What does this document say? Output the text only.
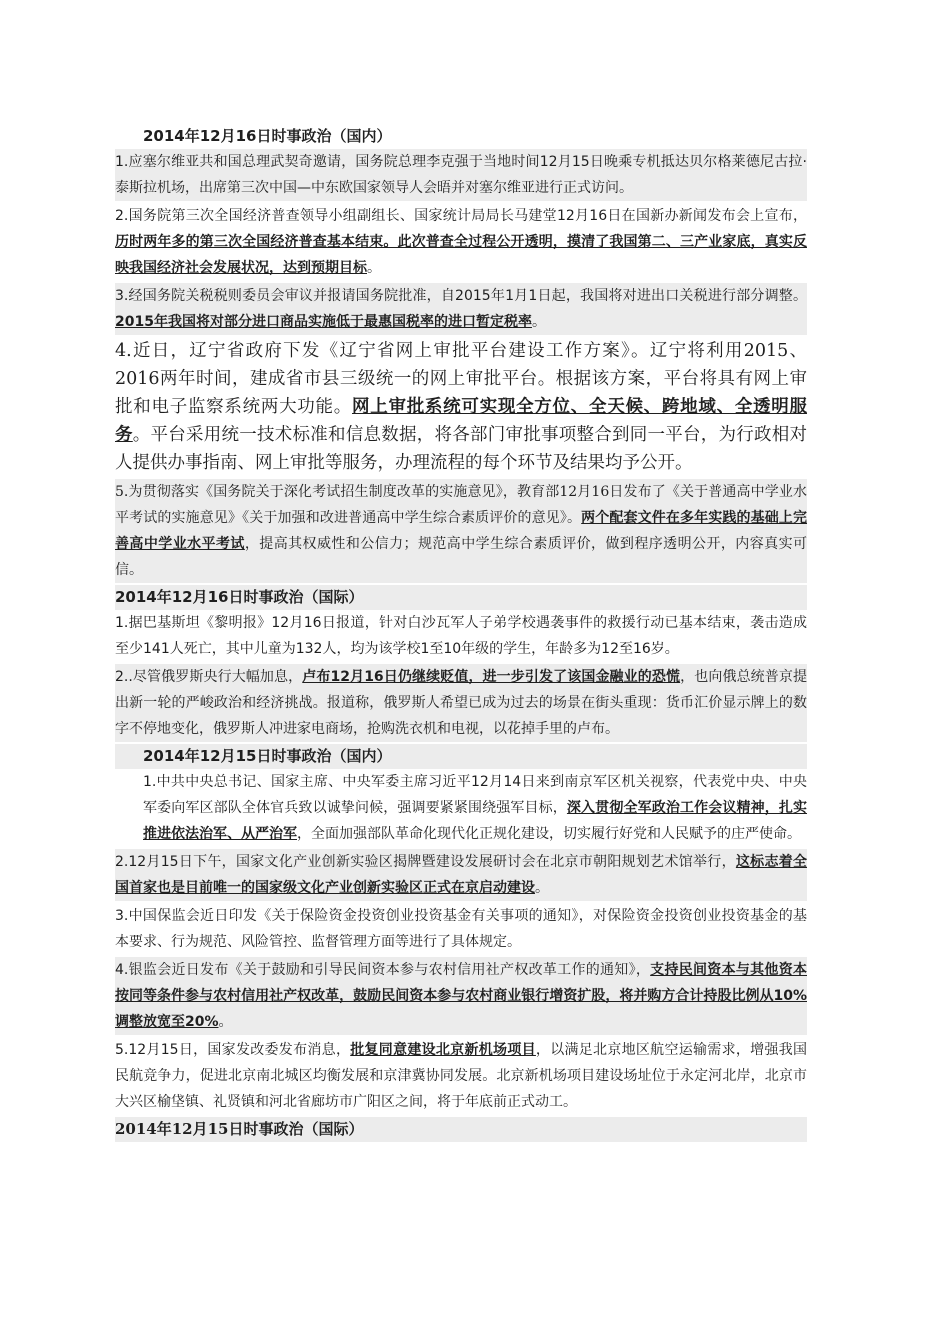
2014年12月16日时事政治（国内）

1.应塞尔维亚共和国总理武契奇邀请，国务院总理李克强于当地时间12月15日晚乘专机抵达贝尔格莱德尼古拉·泰斯拉机场，出席第三次中国—中东欧国家领导人会晤并对塞尔维亚进行正式访问。

2.国务院第三次全国经济普查领导小组副组长、国家统计局局长马建堂12月16日在国新办新闻发布会上宣布，历时两年多的第三次全国经济普查基本结束。此次普查全过程公开透明，摸清了我国第二、三产业家底，真实反映我国经济社会发展状况，达到预期目标。

3.经国务院关税税则委员会审议并报请国务院批准，自2015年1月1日起，我国将对进出口关税进行部分调整。2015年我国将对部分进口商品实施低于最惠国税率的进口暂定税率。

4.近日，辽宁省政府下发《辽宁省网上审批平台建设工作方案》。辽宁将利用2015、2016两年时间，建成省市县三级统一的网上审批平台。根据该方案，平台将具有网上审批和电子监察系统两大功能。网上审批系统可实现全方位、全天候、跨地域、全透明服务。平台采用统一技术标准和信息数据，将各部门审批事项整合到同一平台，为行政相对人提供办事指南、网上审批等服务，办理流程的每个环节及结果均予公开。

5.为贯彻落实《国务院关于深化考试招生制度改革的实施意见》，教育部12月16日发布了《关于普通高中学业水平考试的实施意见》《关于加强和改进普通高中学生综合素质评价的意见》。两个配套文件在多年实践的基础上完善高中学业水平考试，提高其权威性和公信力；规范高中学生综合素质评价，做到程序透明公开，内容真实可信。

2014年12月16日时事政治（国际）

1.据巴基斯坦《黎明报》12月16日报道，针对白沙瓦军人子弟学校遇袭事件的救援行动已基本结束，袭击造成至少141人死亡，其中儿童为132人，均为该学校1至10年级的学生，年龄多为12至16岁。

2..尽管俄罗斯央行大幅加息，卢布12月16日仍继续贬值，进一步引发了该国金融业的恐慌，也向俄总统普京提出新一轮的严峻政治和经济挑战。报道称，俄罗斯人希望已成为过去的场景在街头重现：货币汇价显示牌上的数字不停地变化，俄罗斯人冲进家电商场，抢购洗衣机和电视，以花掉手里的卢布。

2014年12月15日时事政治（国内）

1.中共中央总书记、国家主席、中央军委主席习近平12月14日来到南京军区机关视察，代表党中央、中央军委向军区部队全体官兵致以诚挚问候，强调要紧紧围绕强军目标，深入贯彻全军政治工作会议精神，扎实推进依法治军、从严治军，全面加强部队革命化现代化正规化建设，切实履行好党和人民赋予的庄严使命。

2.12月15日下午，国家文化产业创新实验区揭牌暨建设发展研讨会在北京市朝阳规划艺术馆举行，这标志着全国首家也是目前唯一的国家级文化产业创新实验区正式在京启动建设。

3.中国保监会近日印发《关于保险资金投资创业投资基金有关事项的通知》，对保险资金投资创业投资基金的基本要求、行为规范、风险管控、监督管理方面等进行了具体规定。

4.银监会近日发布《关于鼓励和引导民间资本参与农村信用社产权改革工作的通知》，支持民间资本与其他资本按同等条件参与农村信用社产权改革，鼓励民间资本参与农村商业银行增资扩股，将并购方合计持股比例从10%调整放宽至20%。

5.12月15日，国家发改委发布消息，批复同意建设北京新机场项目，以满足北京地区航空运输需求，增强我国民航竞争力，促进北京南北城区均衡发展和京津冀协同发展。北京新机场项目建设场址位于永定河北岸，北京市大兴区榆垡镇、礼贤镇和河北省廊坊市广阳区之间，将于年底前正式动工。

2014年12月15日时事政治（国际）
